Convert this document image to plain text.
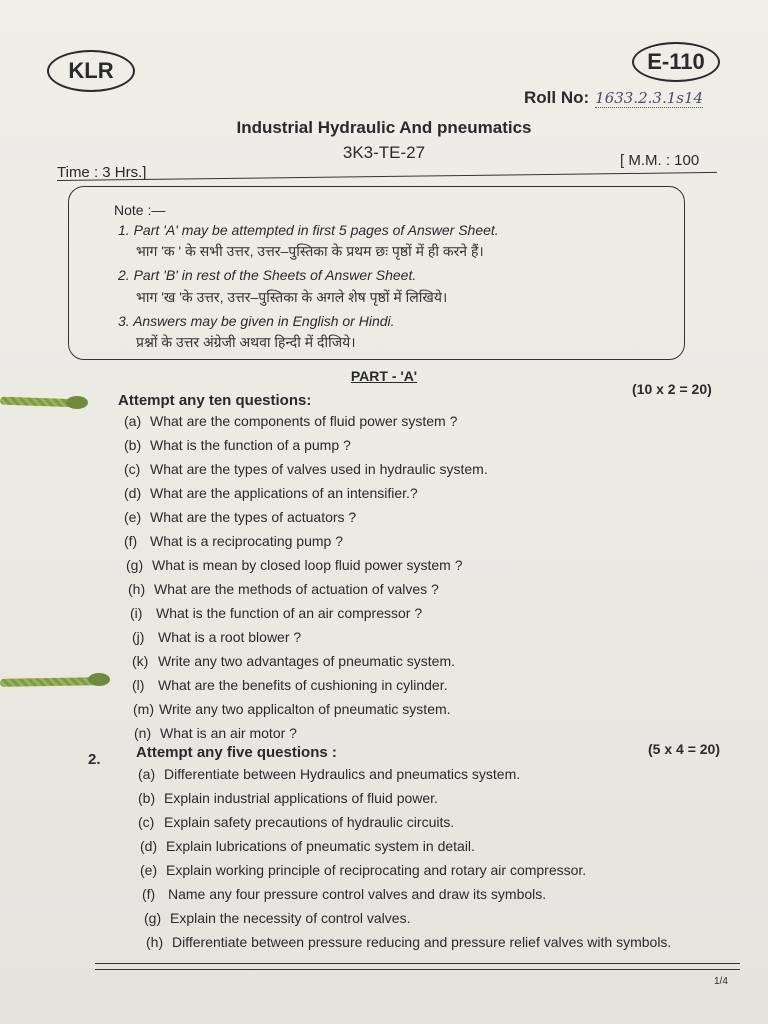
KLR	E-110
Roll No: 1633.2.3.1s14
Industrial Hydraulic And pneumatics
3K3-TE-27
Time : 3 Hrs.]
[ M.M. : 100
Note :—
1. Part 'A' may be attempted in first 5 pages of Answer Sheet.
भाग 'क ' के सभी उत्तर, उत्तर–पुस्तिका के प्रथम छः पृष्ठों में ही करने हैं।
2. Part 'B' in rest of the Sheets of Answer Sheet.
भाग 'ख 'के उत्तर, उत्तर–पुस्तिका के अगले शेष पृष्ठों में लिखिये।
3. Answers may be given in English or Hindi.
प्रश्नों के उत्तर अंग्रेजी अथवा हिन्दी में दीजिये।
PART - 'A'
Attempt any ten questions:
(10 x 2 = 20)
(a) What are the components of fluid power system ?
(b) What is the function of a pump ?
(c) What are the types of valves used in hydraulic system.
(d) What are the applications of an intensifier.?
(e) What are the types of actuators ?
(f) What is a reciprocating pump ?
(g) What is mean by closed loop fluid power system ?
(h) What are the methods of actuation of valves ?
(i) What is the function of an air compressor ?
(j) What is a root blower ?
(k) Write any two advantages of pneumatic system.
(l) What are the benefits of cushioning in cylinder.
(m) Write any two applicalton of pneumatic system.
(n) What is an air motor ?
2. Attempt any five questions :	(5 x 4 = 20)
(a) Differentiate between Hydraulics and pneumatics system.
(b) Explain industrial applications of fluid power.
(c) Explain safety precautions of hydraulic circuits.
(d) Explain lubrications of pneumatic system in detail.
(e) Explain working principle of reciprocating and rotary air compressor.
(f) Name any four pressure control valves and draw its symbols.
(g) Explain the necessity of control valves.
(h) Differentiate between pressure reducing and pressure relief valves with symbols.
1/4
